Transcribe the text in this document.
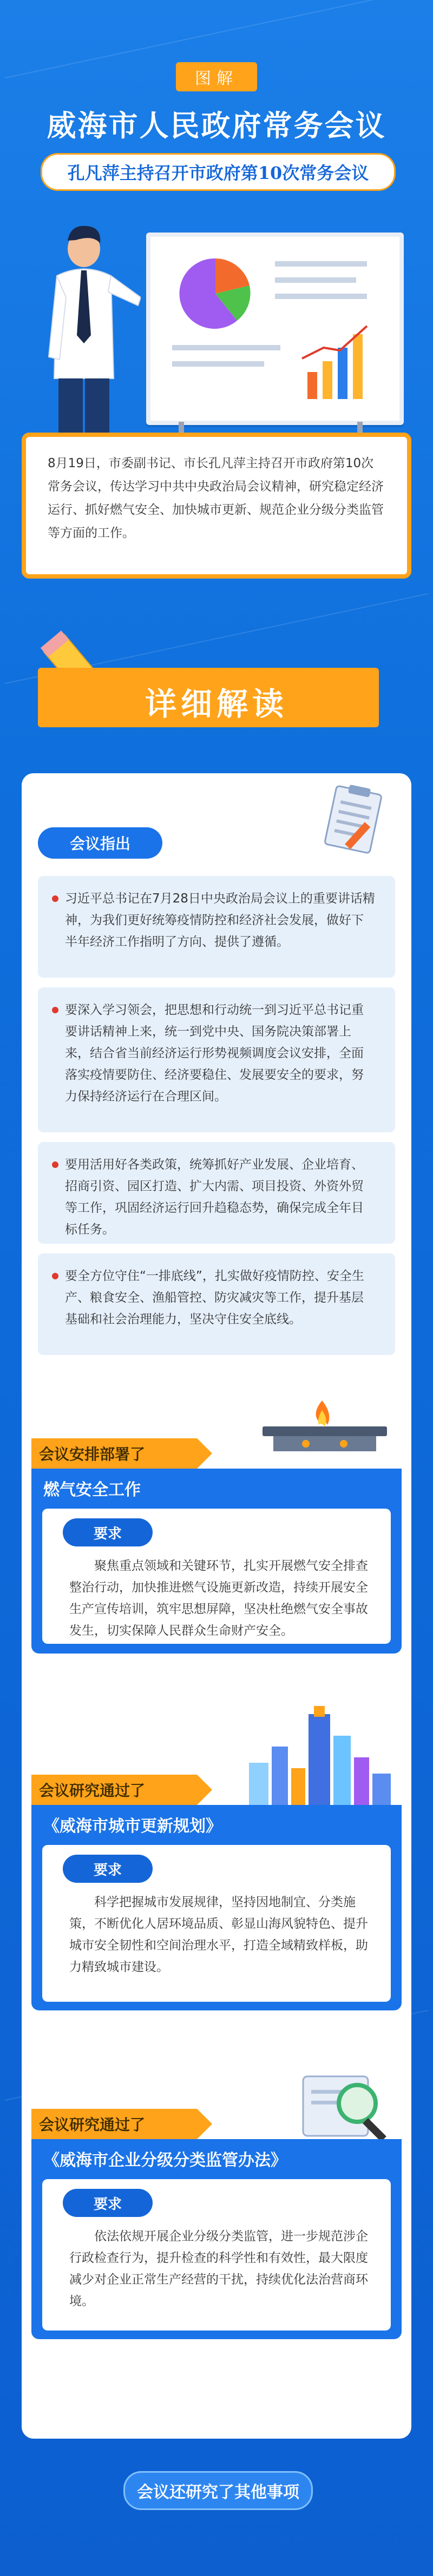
图解
威海市人民政府常务会议
孔凡萍主持召开市政府第10次常务会议
8月19日，市委副书记、市长孔凡萍主持召开市政府第10次常务会议，传达学习中共中央政治局会议精神，研究稳定经济运行、抓好燃气安全、加快城市更新、规范企业分级分类监管等方面的工作。
详细解读
会议指出
习近平总书记在7月28日中央政治局会议上的重要讲话精神，为我们更好统筹疫情防控和经济社会发展，做好下半年经济工作指明了方向、提供了遵循。
要深入学习领会，把思想和行动统一到习近平总书记重要讲话精神上来，统一到党中央、国务院决策部署上来，结合省当前经济运行形势视频调度会议安排，全面落实疫情要防住、经济要稳住、发展要安全的要求，努力保持经济运行在合理区间。
要用活用好各类政策，统筹抓好产业发展、企业培育、招商引资、园区打造、扩大内需、项目投资、外资外贸等工作，巩固经济运行回升趋稳态势，确保完成全年目标任务。
要全方位守住“一排底线”，扎实做好疫情防控、安全生产、粮食安全、渔船管控、防灾减灾等工作，提升基层基础和社会治理能力，坚决守住安全底线。
会议安排部署了
燃气安全工作
要求
聚焦重点领域和关键环节，扎实开展燃气安全排查整治行动，加快推进燃气设施更新改造，持续开展安全生产宣传培训，筑牢思想屏障，坚决杜绝燃气安全事故发生，切实保障人民群众生命财产安全。
会议研究通过了
《威海市城市更新规划》
要求
科学把握城市发展规律，坚持因地制宜、分类施策，不断优化人居环境品质、彰显山海风貌特色、提升城市安全韧性和空间治理水平，打造全域精致样板，助力精致城市建设。
会议研究通过了
《威海市企业分级分类监管办法》
要求
依法依规开展企业分级分类监管，进一步规范涉企行政检查行为，提升检查的科学性和有效性，最大限度减少对企业正常生产经营的干扰，持续优化法治营商环境。
会议还研究了其他事项
